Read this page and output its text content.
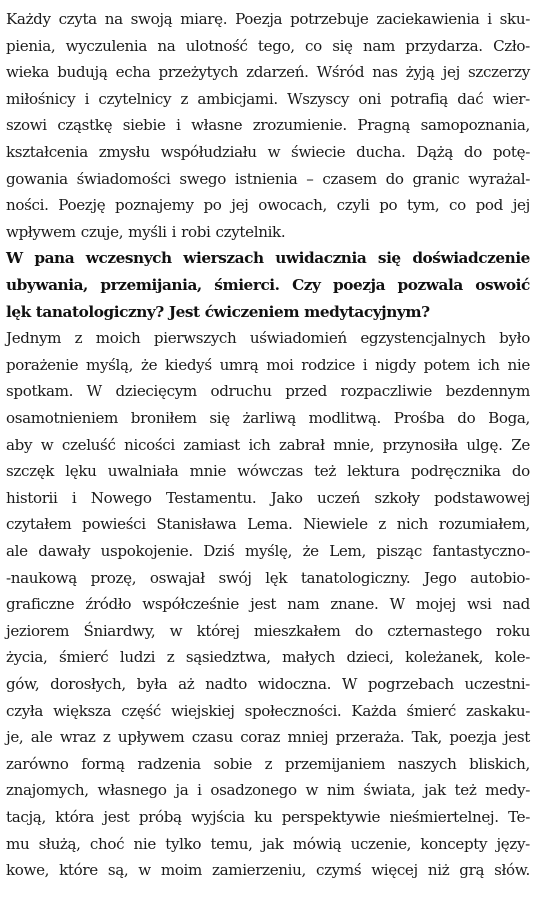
Każdy czyta na swoją miarę. Poezja potrzebuje zaciekawienia i sku-
pienia, wyczulenia na ulotność tego, co się nam przydarza. Czło-
wieka budują echa przeżytych zdarzeń. Wśród nas żyją jej szczerzy
miłośnicy i czytelnicy z ambicjami. Wszyscy oni potrafią dać wier-
szowi cząstkę siebie i własne zrozumienie. Pragną samopoznania,
kształcenia zmysłu współudziału w świecie ducha. Dążą do potę-
gowania świadomości swego istnienia – czasem do granic wyrażal-
ności. Poezję poznajemy po jej owocach, czyli po tym, co pod jej
wpływem czuje, myśli i robi czytelnik.
W pana wczesnych wierszach uwidacznia się doświadczenie
ubywania, przemijania, śmierci. Czy poezja pozwala oswoić
lęk tanatologiczny? Jest ćwiczeniem medytacyjnym?
Jednym z moich pierwszych uświadomień egzystencjalnych było
porażenie myślą, że kiedyś umrą moi rodzice i nigdy potem ich nie
spotkam. W dziecięcym odruchu przed rozpaczliwie bezdennym
osamotnieniem broniłem się żarliwą modlitwą. Prośba do Boga,
aby w czeluść nicości zamiast ich zabrał mnie, przynosiła ulgę. Ze
szczęk lęku uwalniała mnie wówczas też lektura podręcznika do
historii i Nowego Testamentu. Jako uczeń szkoły podstawowej
czytałem powieści Stanisława Lema. Niewiele z nich rozumiałem,
ale dawały uspokojenie. Dziś myślę, że Lem, pisząc fantastyczno-
-naukową prozę, oswajał swój lęk tanatologiczny. Jego autobio-
graficzne źródło współcześnie jest nam znane. W mojej wsi nad
jeziorem Śniardwy, w której mieszkałem do czternastego roku
życia, śmierć ludzi z sąsiedztwa, małych dzieci, koleżanek, kole-
gów, dorosłych, była aż nadto widoczna. W pogrzebach uczestni-
czyła większa część wiejskiej społeczności. Każda śmierć zaskaku-
je, ale wraz z upływem czasu coraz mniej przeraża. Tak, poezja jest
zarówno formą radzenia sobie z przemijaniem naszych bliskich,
znajomych, własnego ja i osadzonego w nim świata, jak też medy-
tacją, która jest próbą wyjścia ku perspektywie nieśmiertelnej. Te-
mu służą, choć nie tylko temu, jak mówią uczenie, koncepty języ-
kowe, które są, w moim zamierzeniu, czymś więcej niż grą słów.
